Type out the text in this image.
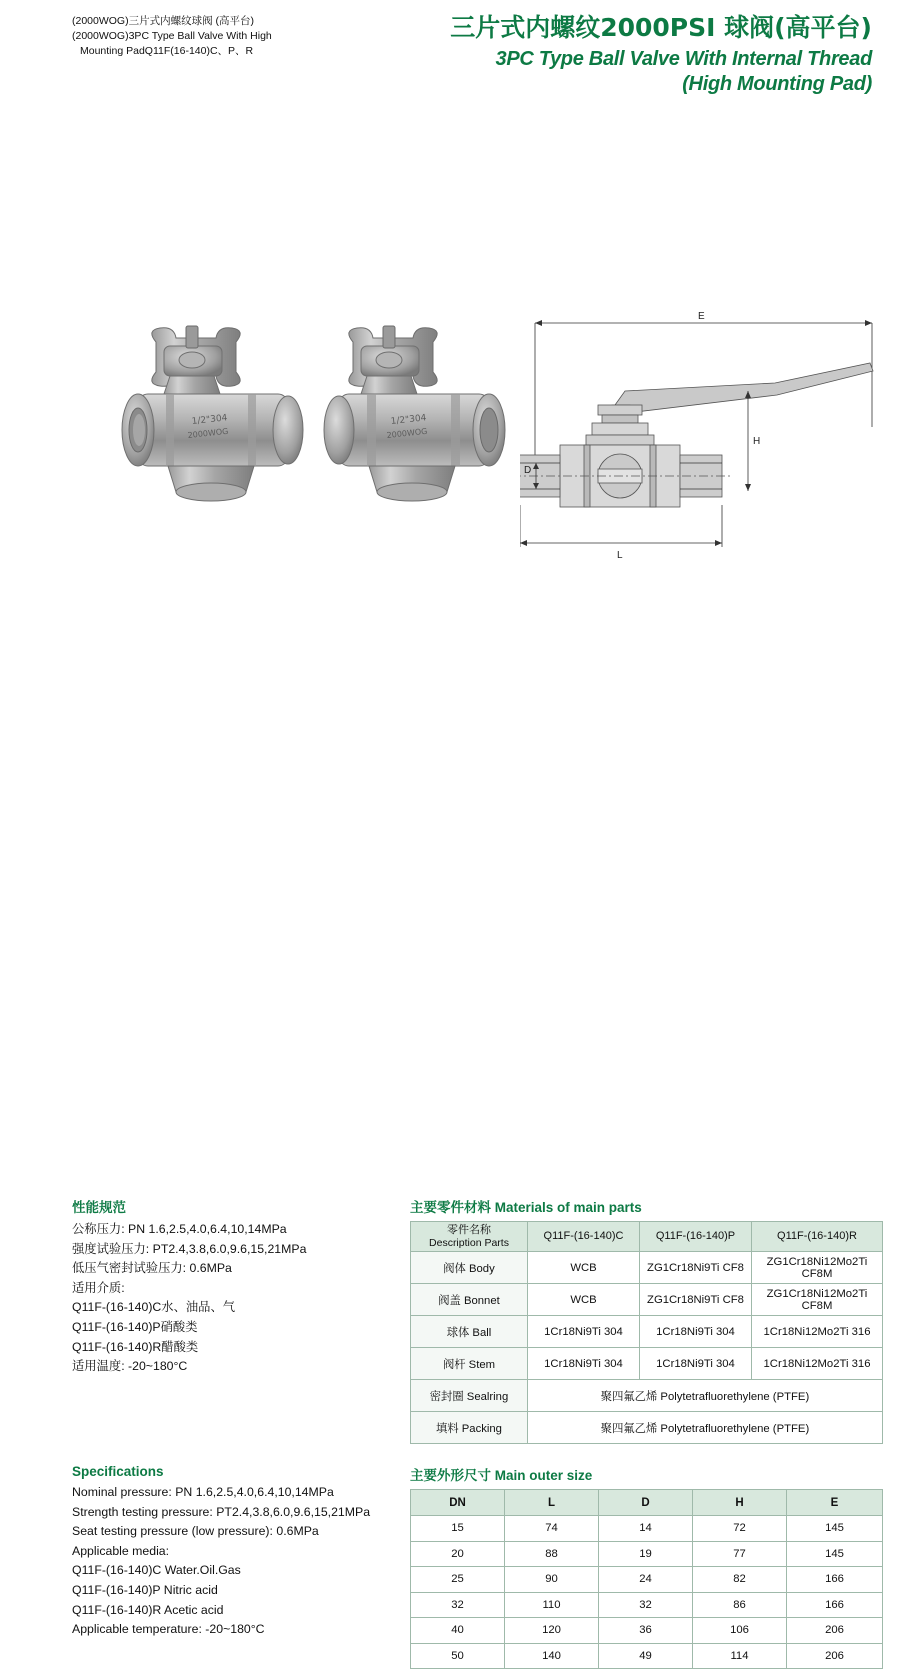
(2000WOG)三片式内螺纹球阀 (高平台)
(2000WOG)3PC Type Ball Valve With High
Mounting PadQ11F(16-140)C、P、R
三片式内螺纹2000PSI 球阀(高平台)
3PC Type Ball Valve With Internal Thread
(High Mounting Pad)
1/2"304
2000WOG
1/2"304
2000WOG
E
H
D
L
性能规范
公称压力: PN 1.6,2.5,4.0,6.4,10,14MPa
强度试验压力: PT2.4,3.8,6.0,9.6,15,21MPa
低压气密封试验压力: 0.6MPa
适用介质:
Q11F-(16-140)C水、油品、气
Q11F-(16-140)P硝酸类
Q11F-(16-140)R醋酸类
适用温度: -20~180°C
Specifications
Nominal pressure: PN 1.6,2.5,4.0,6.4,10,14MPa
Strength testing pressure: PT2.4,3.8,6.0,9.6,15,21MPa
Seat testing pressure (low pressure): 0.6MPa
Applicable media:
Q11F-(16-140)C Water.Oil.Gas
Q11F-(16-140)P Nitric acid
Q11F-(16-140)R Acetic acid
Applicable temperature: -20~180°C
主要零件材料 Materials of main parts
零件名称
Description Parts	Q11F-(16-140)C	Q11F-(16-140)P	Q11F-(16-140)R
阀体 Body	WCB	ZG1Cr18Ni9Ti CF8	ZG1Cr18Ni12Mo2Ti CF8M
阀盖 Bonnet	WCB	ZG1Cr18Ni9Ti CF8	ZG1Cr18Ni12Mo2Ti CF8M
球体 Ball	1Cr18Ni9Ti 304	1Cr18Ni9Ti 304	1Cr18Ni12Mo2Ti 316
阀杆 Stem	1Cr18Ni9Ti 304	1Cr18Ni9Ti 304	1Cr18Ni12Mo2Ti 316
密封圈 Sealring	聚四氟乙烯 Polytetrafluorethylene (PTFE)		
填料 Packing	聚四氟乙烯 Polytetrafluorethylene (PTFE)		
主要外形尺寸 Main outer size
DN	L	D	H	E
15	74	14	72	145
20	88	19	77	145
25	90	24	82	166
32	110	32	86	166
40	120	36	106	206
50	140	49	114	206
